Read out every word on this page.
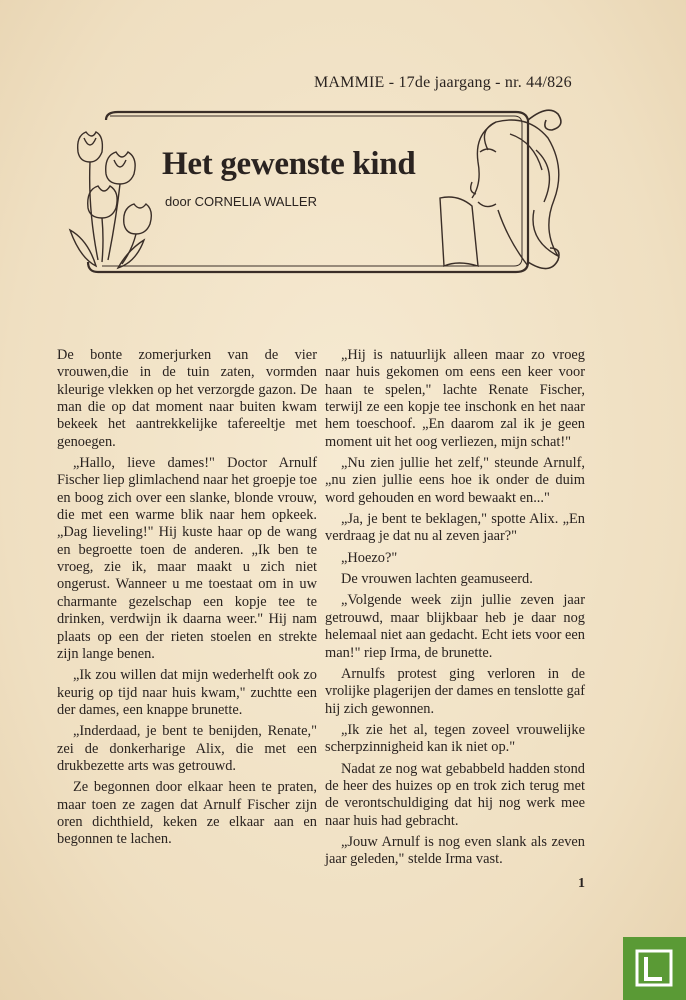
MAMMIE - 17de jaargang - nr. 44/826
Het gewenste kind
door CORNELIA WALLER

De bonte zomerjurken van de vier vrouwen,die in de tuin zaten, vormden kleurige vlekken op het verzorgde gazon. De man die op dat moment naar buiten kwam bekeek het aantrekkelijke tafereeltje met genoegen.

„Hallo, lieve dames!" Doctor Arnulf Fischer liep glimlachend naar het groepje toe en boog zich over een slanke, blonde vrouw, die met een warme blik naar hem opkeek. „Dag lieveling!" Hij kuste haar op de wang en begroette toen de anderen. „Ik ben te vroeg, zie ik, maar maakt u zich niet ongerust. Wanneer u me toestaat om in uw charmante gezelschap een kopje tee te drinken, verdwijn ik daarna weer." Hij nam plaats op een der rieten stoelen en strekte zijn lange benen.

„Ik zou willen dat mijn wederhelft ook zo keurig op tijd naar huis kwam," zuchtte een der dames, een knappe brunette.

„Inderdaad, je bent te benijden, Renate," zei de donkerharige Alix, die met een drukbezette arts was getrouwd.

Ze begonnen door elkaar heen te praten, maar toen ze zagen dat Arnulf Fischer zijn oren dichthield, keken ze elkaar aan en begonnen te lachen.

„Hij is natuurlijk alleen maar zo vroeg naar huis gekomen om eens een keer voor haan te spelen," lachte Renate Fischer, terwijl ze een kopje tee inschonk en het naar hem toeschoof. „En daarom zal ik je geen moment uit het oog verliezen, mijn schat!"

„Nu zien jullie het zelf," steunde Arnulf, „nu zien jullie eens hoe ik onder de duim word gehouden en word bewaakt en..."

„Ja, je bent te beklagen," spotte Alix. „En verdraag je dat nu al zeven jaar?"

„Hoezo?"

De vrouwen lachten geamuseerd.

„Volgende week zijn jullie zeven jaar getrouwd, maar blijkbaar heb je daar nog helemaal niet aan gedacht. Echt iets voor een man!" riep Irma, de brunette.

Arnulfs protest ging verloren in de vrolijke plagerijen der dames en tenslotte gaf hij zich gewonnen.

„Ik zie het al, tegen zoveel vrouwelijke scherpzinnigheid kan ik niet op."

Nadat ze nog wat gebabbeld hadden stond de heer des huizes op en trok zich terug met de verontschuldiging dat hij nog werk mee naar huis had gebracht.

„Jouw Arnulf is nog even slank als zeven jaar geleden," stelde Irma vast.

1
